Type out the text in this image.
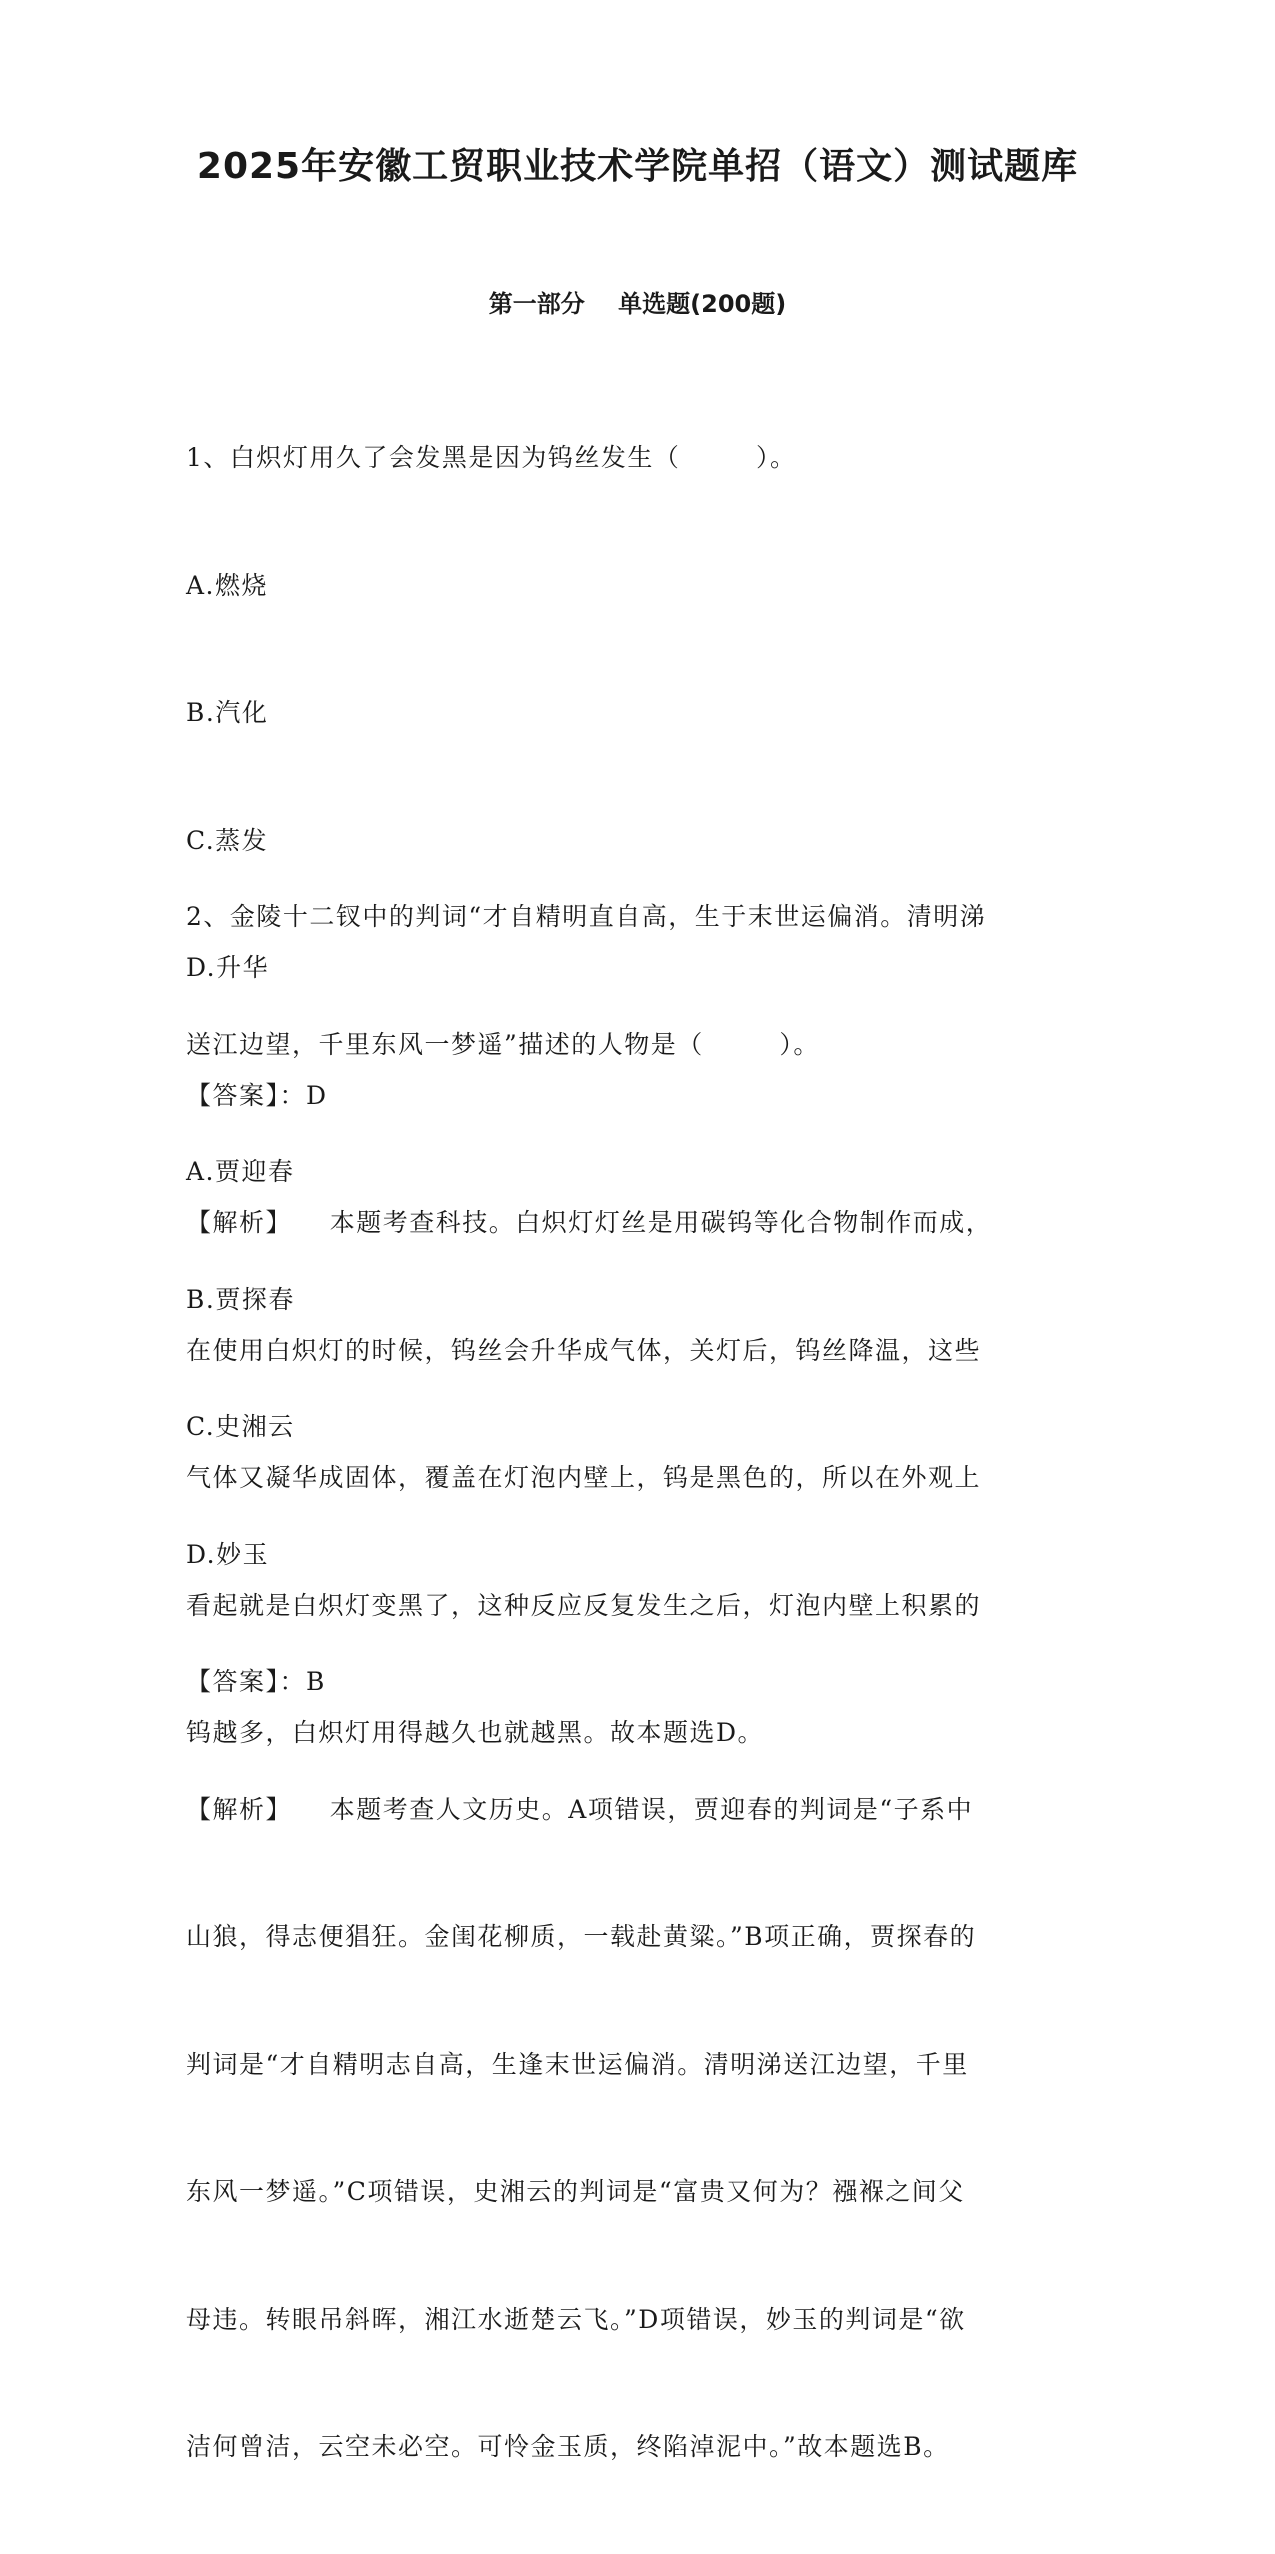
2025年安徽工贸职业技术学院单招（语文）测试题库
第一部分    单选题(200题)

1、白炽灯用久了会发黑是因为钨丝发生（        ）。

A.燃烧

B.汽化

C.蒸发

D.升华

【答案】：D

【解析】    本题考查科技。白炽灯灯丝是用碳钨等化合物制作而成，

在使用白炽灯的时候，钨丝会升华成气体，关灯后，钨丝降温，这些

气体又凝华成固体，覆盖在灯泡内壁上，钨是黑色的，所以在外观上

看起就是白炽灯变黑了，这种反应反复发生之后，灯泡内壁上积累的

钨越多，白炽灯用得越久也就越黑。故本题选D。

2、金陵十二钗中的判词“才自精明直自高，生于末世运偏消。清明涕

送江边望，千里东风一梦遥”描述的人物是（        ）。

A.贾迎春

B.贾探春

C.史湘云

D.妙玉

【答案】：B

【解析】    本题考查人文历史。A项错误，贾迎春的判词是“子系中

山狼，得志便猖狂。金闺花柳质，一载赴黄粱。”B项正确，贾探春的

判词是“才自精明志自高，生逢末世运偏消。清明涕送江边望，千里

东风一梦遥。”C项错误，史湘云的判词是“富贵又何为？襁褓之间父

母违。转眼吊斜晖，湘江水逝楚云飞。”D项错误，妙玉的判词是“欲

洁何曾洁，云空未必空。可怜金玉质，终陷淖泥中。”故本题选B。
